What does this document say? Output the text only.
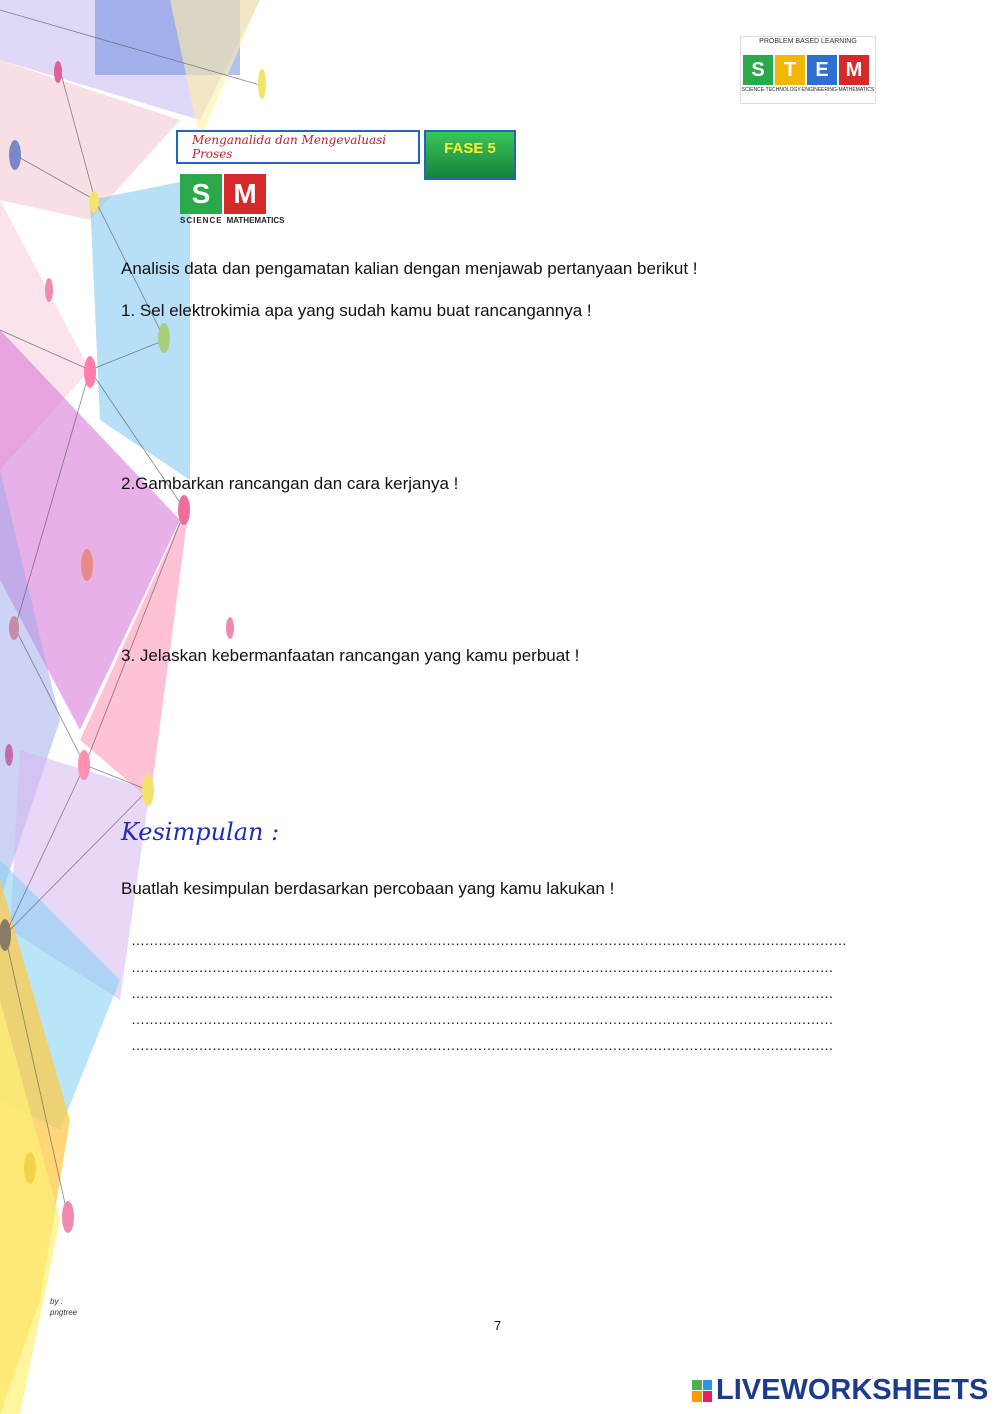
PROBLEM BASED LEARNING
S T E M
SCIENCE-TECHNOLOGY-ENGINEERING-MATHEMATICS
Menganalida dan Mengevaluasi Proses	FASE 5
S M
SCIENCE MATHEMATICS
Analisis data dan pengamatan kalian dengan menjawab pertanyaan berikut !
1. Sel elektrokimia apa yang sudah kamu buat rancangannya !
2.Gambarkan rancangan dan cara kerjanya !
3. Jelaskan kebermanfaatan rancangan yang kamu perbuat !
Kesimpulan :
Buatlah kesimpulan berdasarkan percobaan yang kamu lakukan !
……………………………………………………………………………………………………………………………………………
…………………………………………………………………………………………………………………………………………
…………………………………………………………………………………………………………………………………………
…………………………………………………………………………………………………………………………………………
…………………………………………………………………………………………………………………………………………
by :
pngtree
7
LIVEWORKSHEETS
